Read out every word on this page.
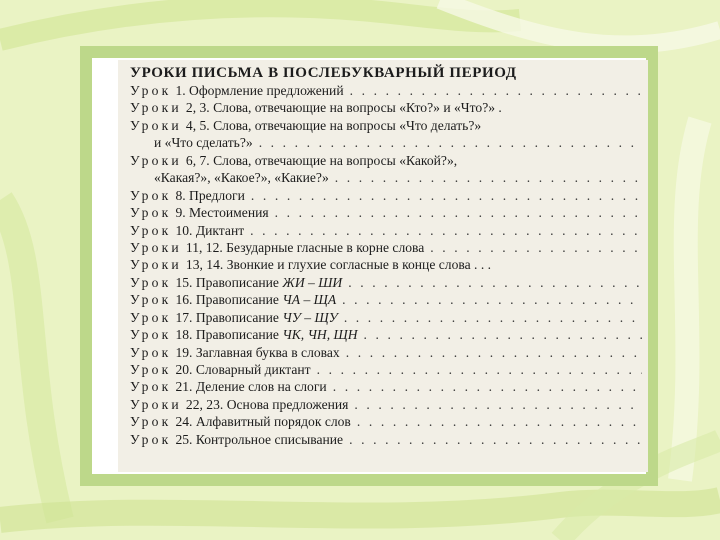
УРОКИ ПИСЬМА В ПОСЛЕБУКВАРНЫЙ ПЕРИОД
Урок 1. Оформление предложений
. . .
Уроки 2, 3. Слова, отвечающие на вопросы «Кто?» и «Что?» .
Уроки 4, 5. Слова, отвечающие на вопросы «Что делать?»
и «Что сделать?»
. . .
Уроки 6, 7. Слова, отвечающие на вопросы «Какой?»,
«Какая?», «Какое?», «Какие?»
. . .
Урок 8. Предлоги
. . .
Урок 9. Местоимения
. . .
Урок 10. Диктант
. . .
Уроки 11, 12. Безударные гласные в корне слова
. . .
Уроки 13, 14. Звонкие и глухие согласные в конце слова . . .
Урок 15. Правописание ЖИ – ШИ
. . .
Урок 16. Правописание ЧА – ЩА
. . .
Урок 17. Правописание ЧУ – ЩУ
. . .
Урок 18. Правописание ЧК, ЧН, ЩН
. . .
Урок 19. Заглавная буква в словах
. . .
Урок 20. Словарный диктант
. . .
Урок 21. Деление слов на слоги
. . .
Уроки 22, 23. Основа предложения
. . .
Урок 24. Алфавитный порядок слов
. . .
Урок 25. Контрольное списывание
. . .
